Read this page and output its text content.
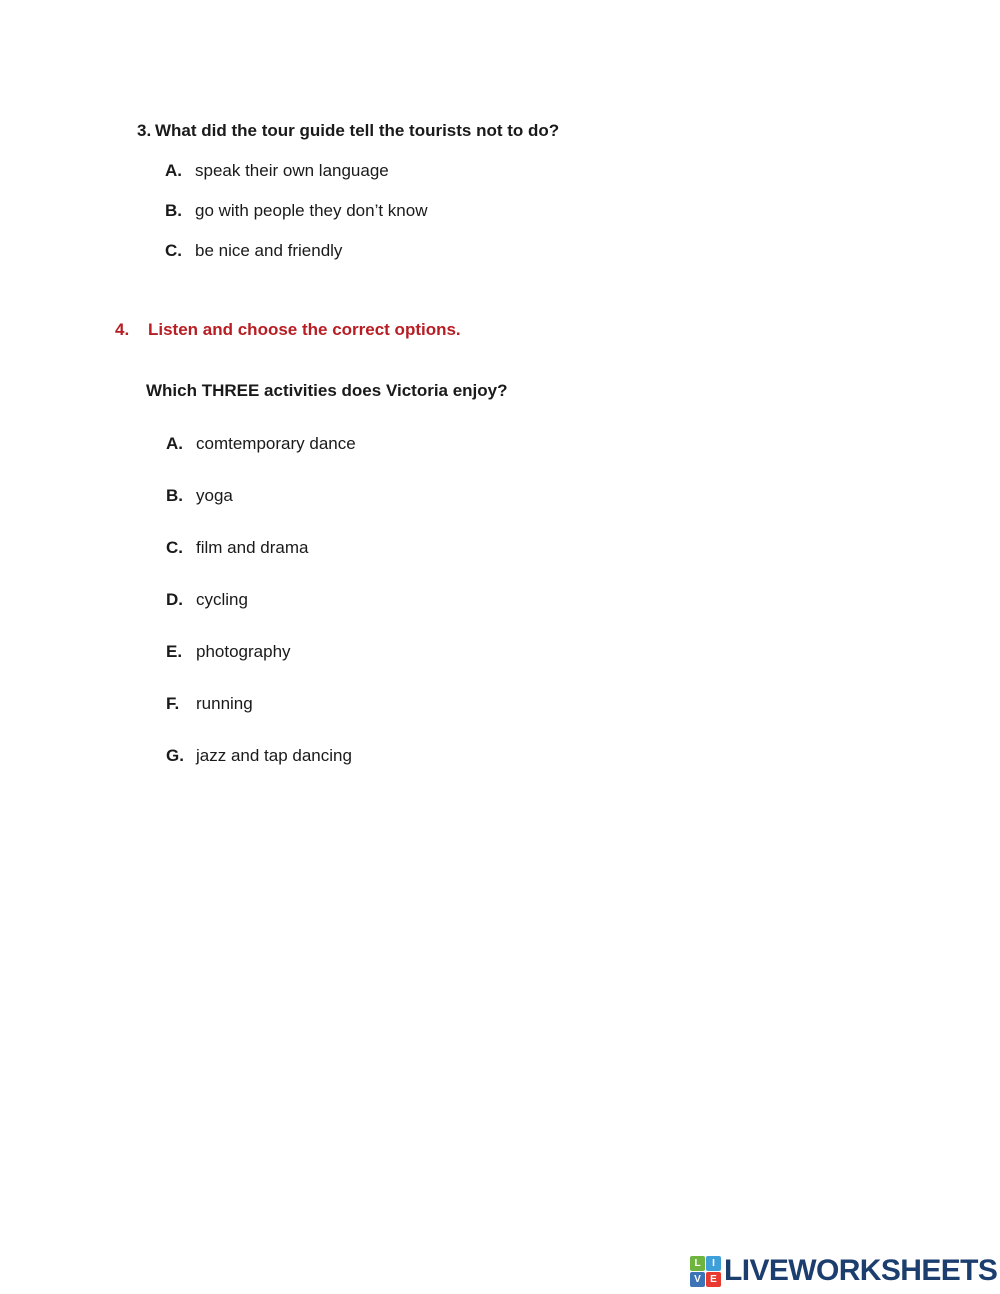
3. What did the tour guide tell the tourists not to do?
A. speak their own language
B. go with people they don’t know
C. be nice and friendly
4.	Listen and choose the correct options.
Which THREE activities does Victoria enjoy?
A. comtemporary dance
B. yoga
C. film and drama
D. cycling
E. photography
F. running
G. jazz and tap dancing
L	I
V E LIVEWORKSHEETS
